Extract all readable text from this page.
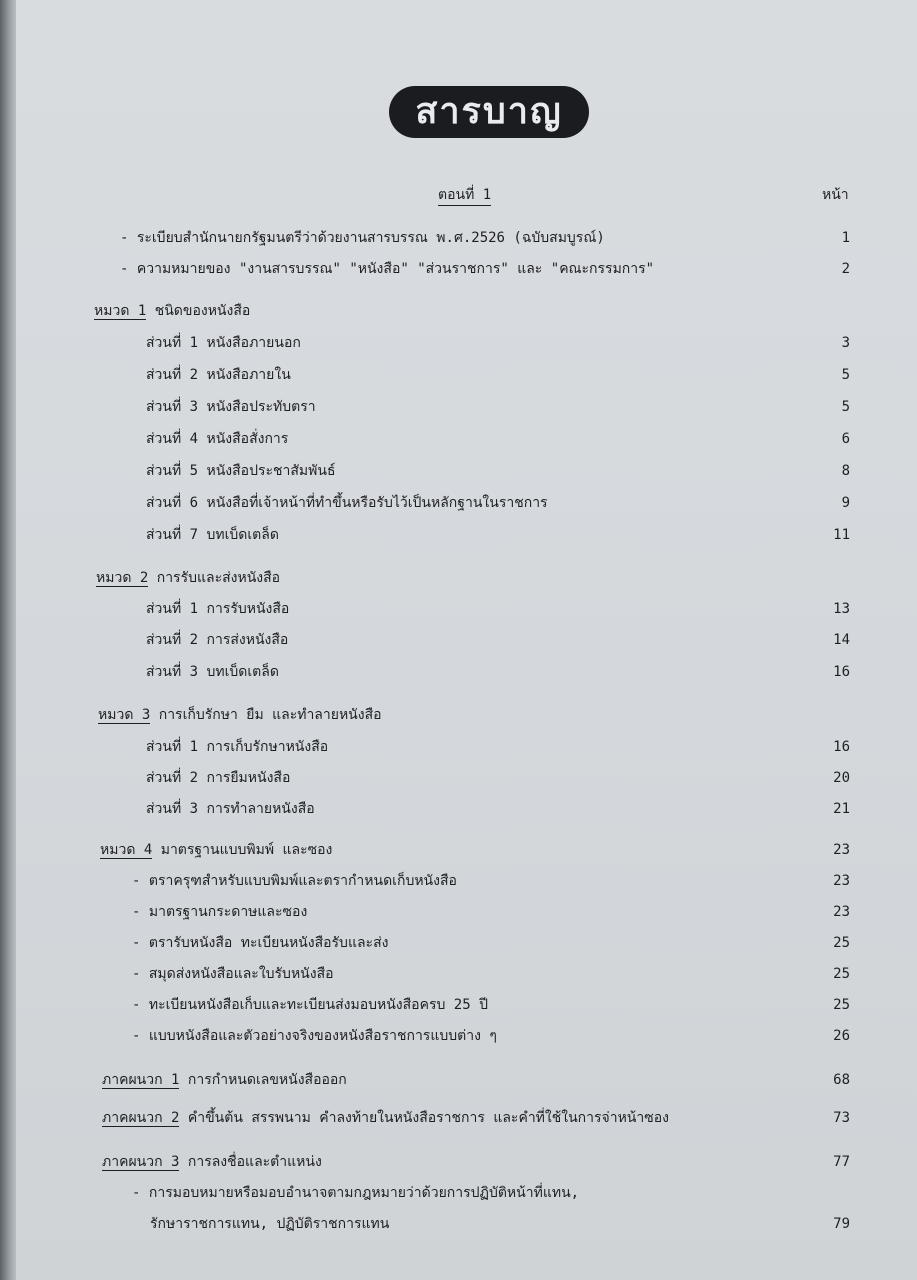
สารบาญ
ตอนที่ 1	หน้า
- ระเบียบสำนักนายกรัฐมนตรีว่าด้วยงานสารบรรณ พ.ศ.2526 (ฉบับสมบูรณ์)	1
- ความหมายของ "งานสารบรรณ" "หนังสือ" "ส่วนราชการ" และ "คณะกรรมการ"	2
หมวด 1 ชนิดของหนังสือ
ส่วนที่ 1 หนังสือภายนอก	3
ส่วนที่ 2 หนังสือภายใน	5
ส่วนที่ 3 หนังสือประทับตรา	5
ส่วนที่ 4 หนังสือสั่งการ	6
ส่วนที่ 5 หนังสือประชาสัมพันธ์	8
ส่วนที่ 6 หนังสือที่เจ้าหน้าที่ทำขึ้นหรือรับไว้เป็นหลักฐานในราชการ	9
ส่วนที่ 7 บทเบ็ดเตล็ด	11
หมวด 2 การรับและส่งหนังสือ
ส่วนที่ 1 การรับหนังสือ	13
ส่วนที่ 2 การส่งหนังสือ	14
ส่วนที่ 3 บทเบ็ดเตล็ด	16
หมวด 3 การเก็บรักษา ยืม และทำลายหนังสือ
ส่วนที่ 1 การเก็บรักษาหนังสือ	16
ส่วนที่ 2 การยืมหนังสือ	20
ส่วนที่ 3 การทำลายหนังสือ	21
หมวด 4 มาตรฐานแบบพิมพ์ และซอง	23
- ตราครุฑสำหรับแบบพิมพ์และตรากำหนดเก็บหนังสือ	23
- มาตรฐานกระดาษและซอง	23
- ตรารับหนังสือ ทะเบียนหนังสือรับและส่ง	25
- สมุดส่งหนังสือและใบรับหนังสือ	25
- ทะเบียนหนังสือเก็บและทะเบียนส่งมอบหนังสือครบ 25 ปี	25
- แบบหนังสือและตัวอย่างจริงของหนังสือราชการแบบต่าง ๆ	26
ภาคผนวก 1 การกำหนดเลขหนังสือออก	68
ภาคผนวก 2 คำขึ้นต้น สรรพนาม คำลงท้ายในหนังสือราชการ และคำที่ใช้ในการจ่าหน้าซอง	73
ภาคผนวก 3 การลงชื่อและตำแหน่ง	77
- การมอบหมายหรือมอบอำนาจตามกฎหมายว่าด้วยการปฏิบัติหน้าที่แทน,
รักษาราชการแทน, ปฏิบัติราชการแทน	79
